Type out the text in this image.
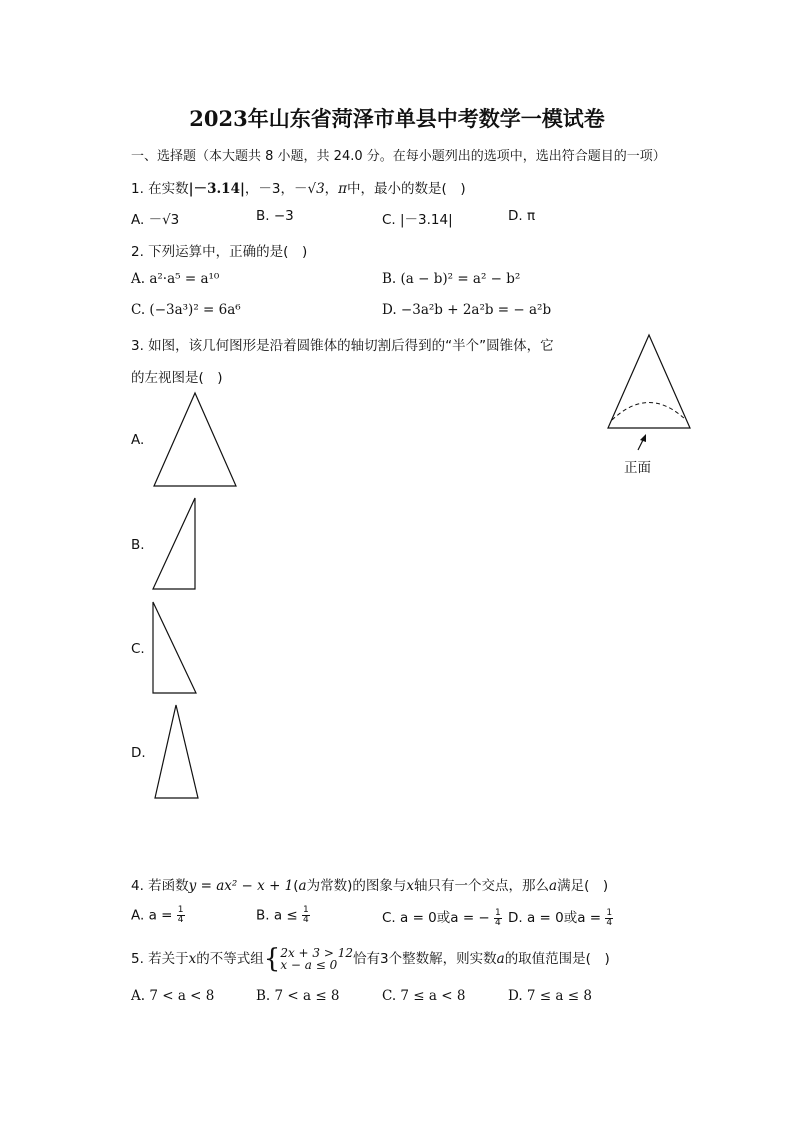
2023年山东省菏泽市单县中考数学一模试卷
一、选择题（本大题共 8 小题，共 24.0 分。在每小题列出的选项中，选出符合题目的一项）
1. 在实数|－3.14|，－3，－√3，π中，最小的数是(　)
A. －√3	B. −3	C. |－3.14|	D. π
2. 下列运算中，正确的是(　)
A. a²·a⁵ = a¹⁰	B. (a − b)² = a² − b²
C. (−3a³)² = 6a⁶	D. −3a²b + 2a²b = − a²b
3. 如图，该几何图形是沿着圆锥体的轴切割后得到的“半个”圆锥体，它
的左视图是(　)
正面
A.
B.
C.
D.
4. 若函数y = ax² − x + 1(a为常数)的图象与x轴只有一个交点，那么a满足(　)
A. $a = \frac{1}{4}$	B. $a \le \frac{1}{4}$	C. a = 0或a = − $\frac{1}{4} D$. a = 0或$a = \frac{1}{4}$
5. 若关于x的不等式组{ 2x + 3 > 12
x − a ≤ 0	恰有3个整数解，则实数a的取值范围是(　)
A. 7 < a < 8	B. 7 < a ≤ 8	C. 7 ≤ a < 8	D. 7 ≤ a ≤ 8
